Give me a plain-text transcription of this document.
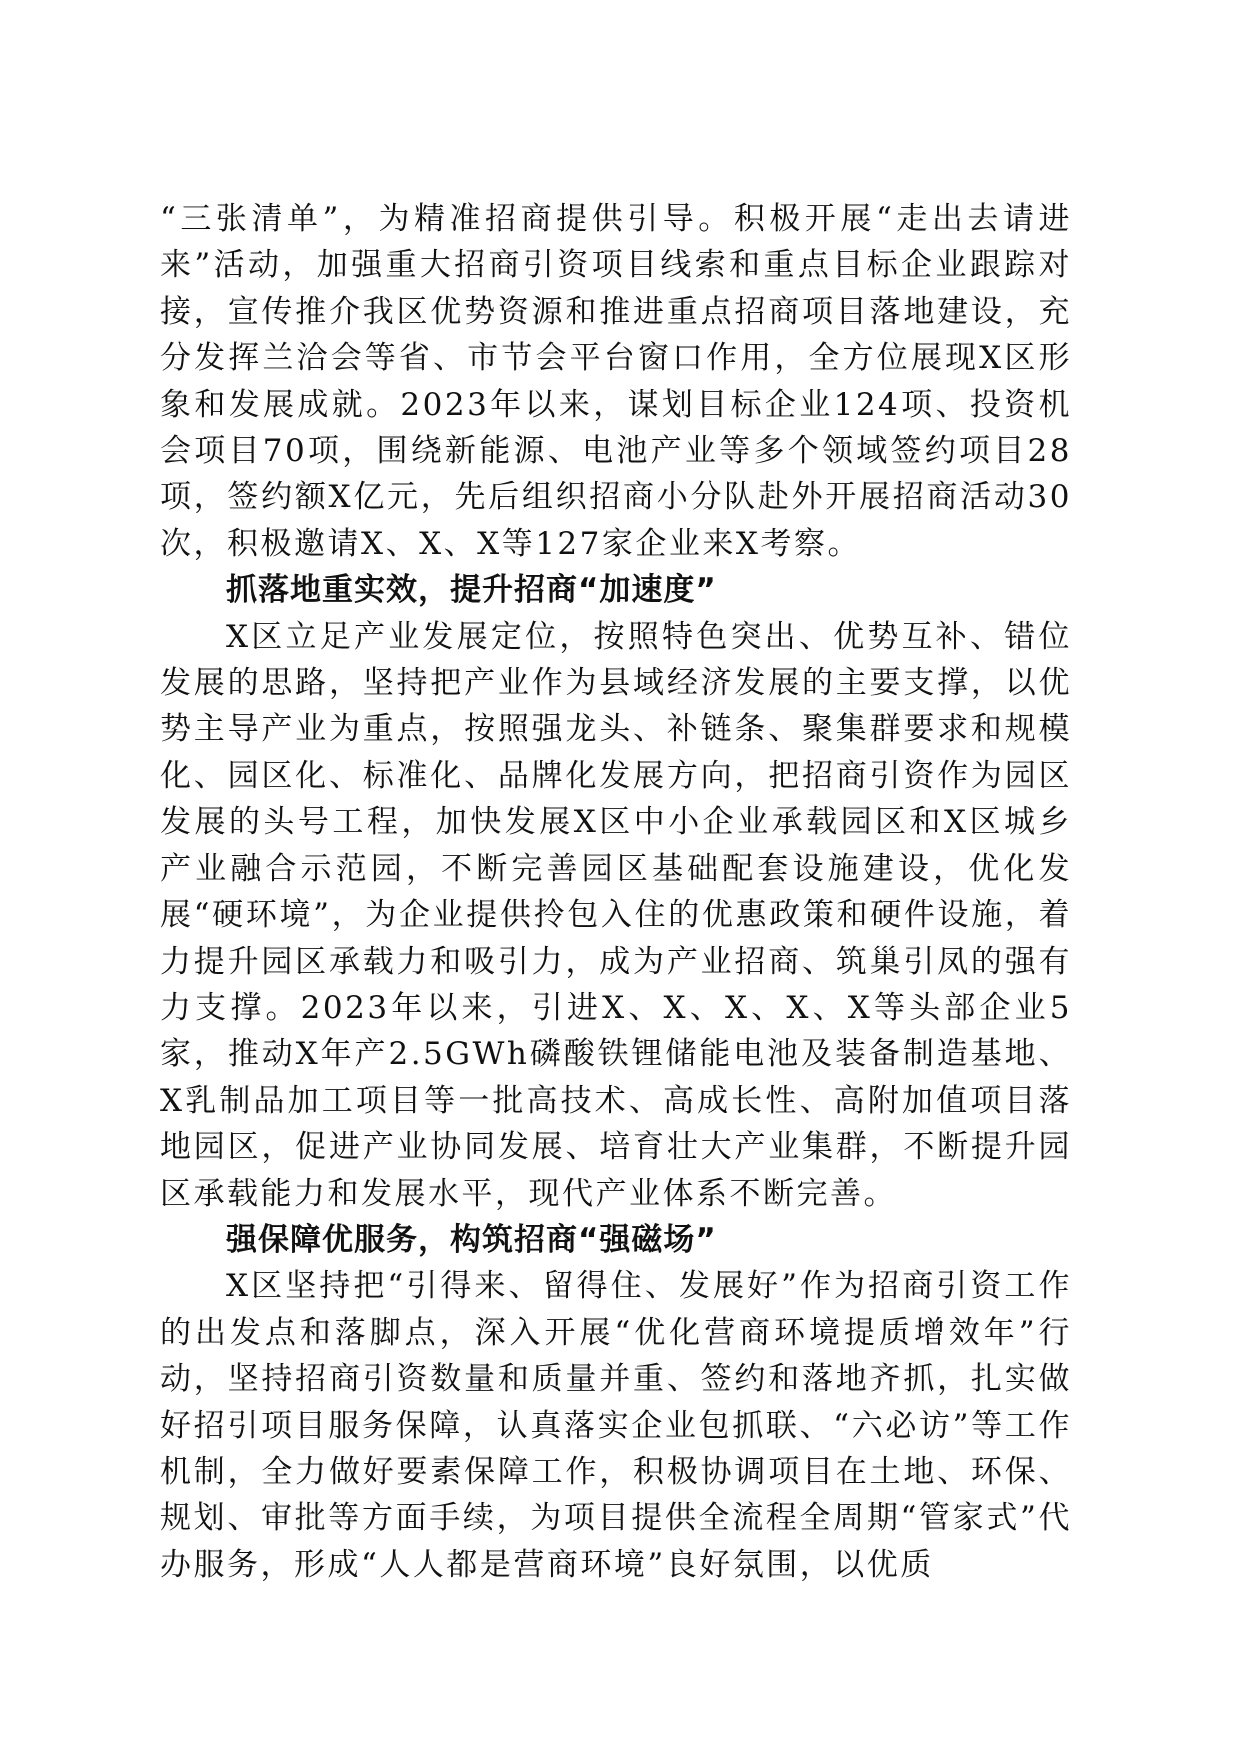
“三张清单”，为精准招商提供引导。积极开展“走出去请进来”活动，加强重大招商引资项目线索和重点目标企业跟踪对接，宣传推介我区优势资源和推进重点招商项目落地建设，充分发挥兰洽会等省、市节会平台窗口作用，全方位展现X区形象和发展成就。2023年以来，谋划目标企业124项、投资机会项目70项，围绕新能源、电池产业等多个领域签约项目28项，签约额X亿元，先后组织招商小分队赴外开展招商活动30次，积极邀请X、X、X等127家企业来X考察。

抓落地重实效，提升招商“加速度”

X区立足产业发展定位，按照特色突出、优势互补、错位发展的思路，坚持把产业作为县域经济发展的主要支撑，以优势主导产业为重点，按照强龙头、补链条、聚集群要求和规模化、园区化、标准化、品牌化发展方向，把招商引资作为园区发展的头号工程，加快发展X区中小企业承载园区和X区城乡产业融合示范园，不断完善园区基础配套设施建设，优化发展“硬环境”，为企业提供拎包入住的优惠政策和硬件设施，着力提升园区承载力和吸引力，成为产业招商、筑巢引凤的强有力支撑。2023年以来，引进X、X、X、X、X等头部企业5家，推动X年产2.5GWh磷酸铁锂储能电池及装备制造基地、X乳制品加工项目等一批高技术、高成长性、高附加值项目落地园区，促进产业协同发展、培育壮大产业集群，不断提升园区承载能力和发展水平，现代产业体系不断完善。

强保障优服务，构筑招商“强磁场”

X区坚持把“引得来、留得住、发展好”作为招商引资工作的出发点和落脚点，深入开展“优化营商环境提质增效年”行动，坚持招商引资数量和质量并重、签约和落地齐抓，扎实做好招引项目服务保障，认真落实企业包抓联、“六必访”等工作机制，全力做好要素保障工作，积极协调项目在土地、环保、规划、审批等方面手续，为项目提供全流程全周期“管家式”代办服务，形成“人人都是营商环境”良好氛围，以优质
